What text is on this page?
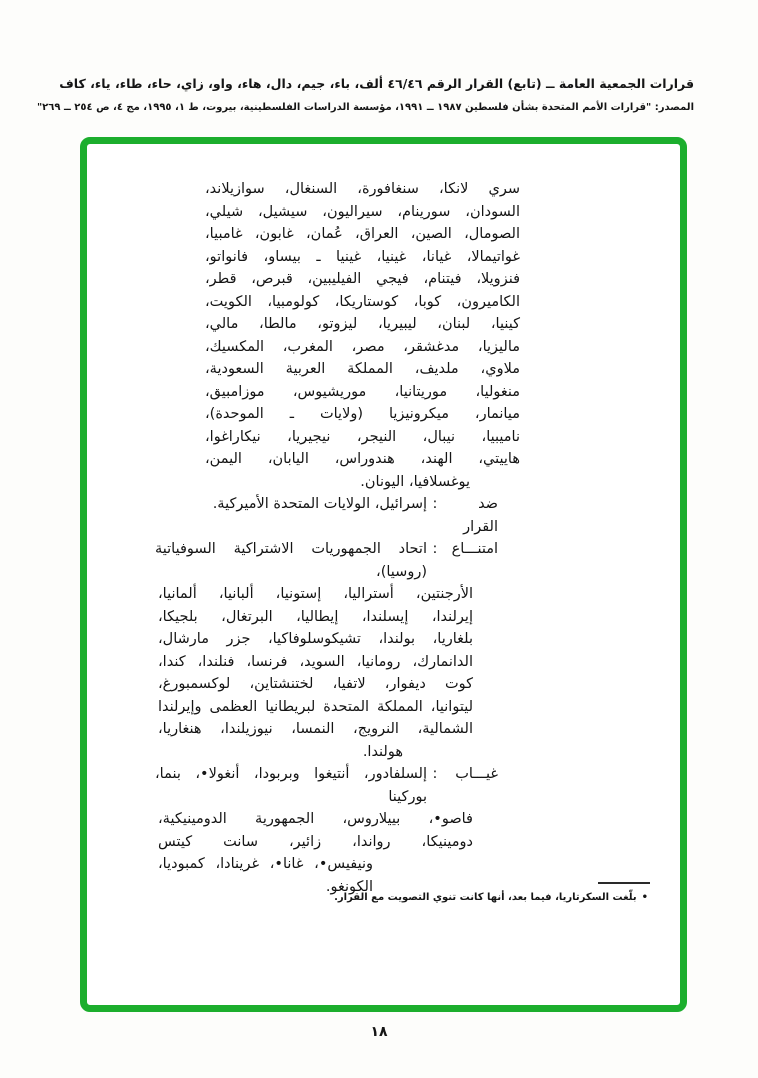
قرارات الجمعية العامة ــ (تابع) القرار الرقم ٤٦/٤٦ ألف، باء، جيم، دال، هاء، واو، زاي، حاء، طاء، ياء، كاف
المصدر: "قرارات الأمم المتحدة بشأن فلسطين ١٩٨٧ ــ ١٩٩١، مؤسسة الدراسات الفلسطينية، بيروت، ط ١، ١٩٩٥، مج ٤، ص ٢٥٤ ــ ٢٦٩"
سري لانكا، سنغافورة، السنغال، سوازيلاند،
السودان، سورينام، سيراليون، سيشيل، شيلي،
الصومال، الصين، العراق، عُمان، غابون، غامبيا،
غواتيمالا، غيانا، غينيا، غينيا ـ بيساو، فانواتو،
فنزويلا، فيتنام، فيجي الفيليبين، قبرص، قطر،
الكاميرون، كوبا، كوستاريكا، كولومبيا، الكويت،
كينيا، لبنان، ليبيريا، ليزوتو، مالطا، مالي،
ماليزيا، مدغشقر، مصر، المغرب، المكسيك،
ملاوي، ملديف، المملكة العربية السعودية،
منغوليا، موريتانيا، موريشيوس، موزامبيق،
ميانمار، ميكرونيزيا (ولايات ـ الموحدة)،
ناميبيا، نيبال، النيجر، نيجيريا، نيكاراغوا،
هاييتي، الهند، هندوراس، اليابان، اليمن،
يوغسلافيا، اليونان.
ضد القرار
:
إسرائيل، الولايات المتحدة الأميركية.
امتنـــاع
:
اتحاد الجمهوريات الاشتراكية السوفياتية (روسيا)،
الأرجنتين، أستراليا، إستونيا، ألبانيا، ألمانيا،
إيرلندا، إيسلندا، إيطاليا، البرتغال، بلجيكا،
بلغاريا، بولندا، تشيكوسلوفاكيا، جزر مارشال،
الدانمارك، رومانيا، السويد، فرنسا، فنلندا، كندا،
كوت ديفوار، لاتفيا، لختنشتاين، لوكسمبورغ،
ليتوانيا، المملكة المتحدة لبريطانيا العظمى وإيرلندا
الشمالية، النرويج، النمسا، نيوزيلندا، هنغاريا،
هولندا.
غيـــاب
:
إلسلفادور، أنتيغوا وبربودا، أنغولا•، بنما، بوركينا
فاصو•، بييلاروس، الجمهورية الدومينيكية،
دومينيكا، رواندا، زائير، سانت كيتس
ونيفيس•، غانا•، غرينادا، كمبوديا، الكونغو.
•بلّغت السكرتاريا، فيما بعد، أنها كانت تنوي التصويت مع القرار.
١٨
